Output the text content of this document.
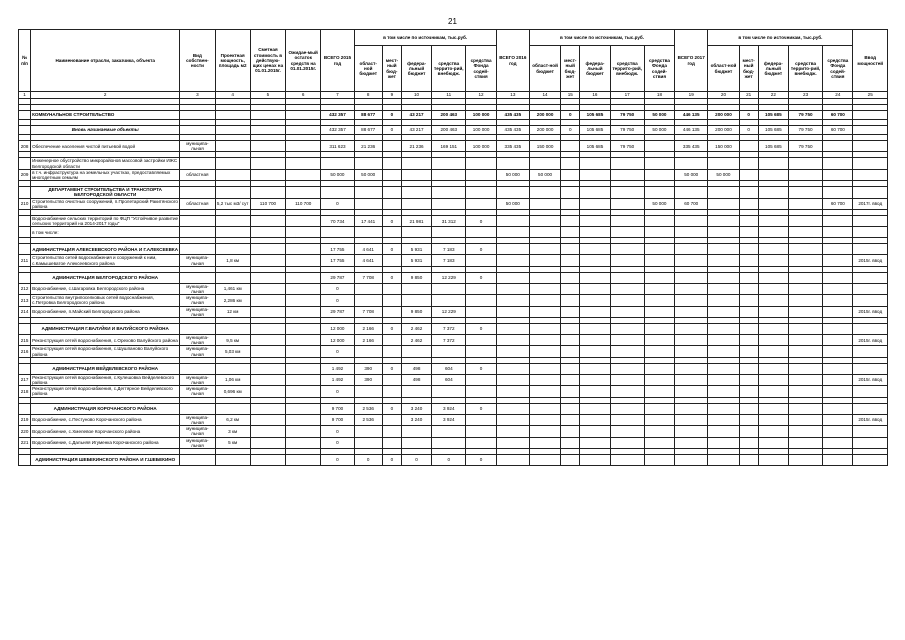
21
№ п/п	Наименование отрасли, заказчика, объекта	Вид собствен-ности	Проектная мощность, площадь м2	Сметная стоимость в действую-щих ценах на 01.01.2015г.	Ожидае-мый остаток средств на 01.01.2015г.	ВСЕГО 2015 год	в том числе по источникам, тыс.руб.					ВСЕГО 2016 год	в том числе по источникам, тыс.руб.					ВСЕГО 2017 год	в том числе по источникам, тыс.руб.					Ввод мощностей
							област-ной бюджет	мест-ный бюд-жет	федера-льный бюджет	средства террито-рий, внебюдж.	средства Фонда содей-ствия		област-ной бюджет	мест-ный бюд-жет	федера-льный бюджет	средства террито-рий, внебюдж.	средства Фонда содей-ствия		област-ной бюджет	мест-ный бюд-жет	федера-льный бюджет	средства террито-рий, внебюдж.	средства Фонда содей-ствия	
1	2	3	4	5	6	7	8	9	10	11	12	13	14	15	16	17	18	19	20	21	22	23	24	25

	КОММУНАЛЬНОЕ СТРОИТЕЛЬСТВО					432 357	88 677	0	43 217	200 463	100 000	435 435	200 000	0	105 685	79 750	50 000	446 135	200 000	0	105 685	79 750	60 700	

	Вновь начинаемые объекты					432 357	88 677	0	43 217	200 463	100 000	435 435	200 000	0	105 685	79 750	50 000	446 135	200 000	0	105 685	79 750	60 700	

208	Обеспечение населения чистой питьевой водой	муниципа-льная				311 623	21 236		21 236	169 151	100 000	335 435	150 000		105 685	79 750		335 435	150 000		105 685	79 750		

	Инженерное обустройство микрорайонов массовой застройки ИЖС Белгородской области																							
209	в т.ч. инфраструктура на земельных участках, предоставляемых многодетным семьям	областная				50 000	50 000					50 000	50 000					50 000	50 000					

	ДЕПАРТАМЕНТ СТРОИТЕЛЬСТВА И ТРАНСПОРТА БЕЛГОРОДСКОЙ ОБЛАСТИ																							
210	Строительство очистных сооружений, п.Пролетарский Ракитянского района	областная	5,2 тыс м3/ сут	110 700	110 700	0						50 000					50 000	60 700					60 700	2017г. ввод

	Водоснабжение сельских территорий по ФЦП "Устойчивое развитие сельских территорий на 2014-2017 годы"					70 734	17 441	0	21 981	31 312	0													
	в том числе:																							

	АДМИНИСТРАЦИЯ АЛЕКСЕЕВСКОГО РАЙОНА И Г.АЛЕКСЕЕВКА					17 755	4 641	0	5 931	7 183	0													
211	Строительство сетей водоснабжения и сооружений к ним, с.Камышеватое Алексеевского района	муниципа-льная	1,8 км			17 755	4 641		5 931	7 183														2015г. ввод

	АДМИНИСТРАЦИЯ БЕЛГОРОДСКОГО РАЙОНА					29 787	7 708	0	9 850	12 229	0													
212	Водоснабжение, с.Шагаровка Белгородского района	муниципа-льная	1,461 км			0																		
213	Строительство внутрипоселковых сетей водоснабжения, с.Петровка Белгородского района	муниципа-льная	2,286 км			0																		
214	Водоснабжение, п.Майский Белгородского района	муниципа-льная	12 км			29 787	7 708		9 850	12 229														2015г. ввод

	АДМИНИСТРАЦИЯ Г.ВАЛУЙКИ И ВАЛУЙСКОГО РАЙОНА					12 000	2 166	0	2 462	7 372	0													
215	Реконструкция сетей водоснабжения, с.Орехово Валуйского района	муниципа-льная	9,5 км			12 000	2 166		2 462	7 372														2015г. ввод
216	Реконструкция сетей водоснабжения, с.Шушпаново Валуйского района	муниципа-льная	5,03 км			0																		

	АДМИНИСТРАЦИЯ ВЕЙДЕЛЕВСКОГО РАЙОНА					1 492	390	0	498	604	0													
217	Реконструкция сетей водоснабжения, с.Кулешовка Вейделевского района	муниципа-льная	1,06 км			1 492	390		498	604														2015г. ввод
218	Реконструкция сетей водоснабжения, с.Дегтярное Вейделевского района	муниципа-льная	0,696 км			0																		

	АДМИНИСТРАЦИЯ КОРОЧАНСКОГО РАЙОНА					9 700	2 536	0	3 240	3 924	0													
219	Водоснабжение, с.Пестуново Корочанского района	муниципа-льная	6,2 км			9 700	2 536		3 240	3 924														2015г. ввод
220	Водоснабжение, с.Хмелевое Корочанского района	муниципа-льная	3 км			0																		
221	Водоснабжение, с.Дальняя Игуменка Корочанского района	муниципа-льная	5 км			0																		

	АДМИНИСТРАЦИЯ ШЕБЕКИНСКОГО РАЙОНА И Г.ШЕБЕКИНО					0	0	0	0	0	0													
